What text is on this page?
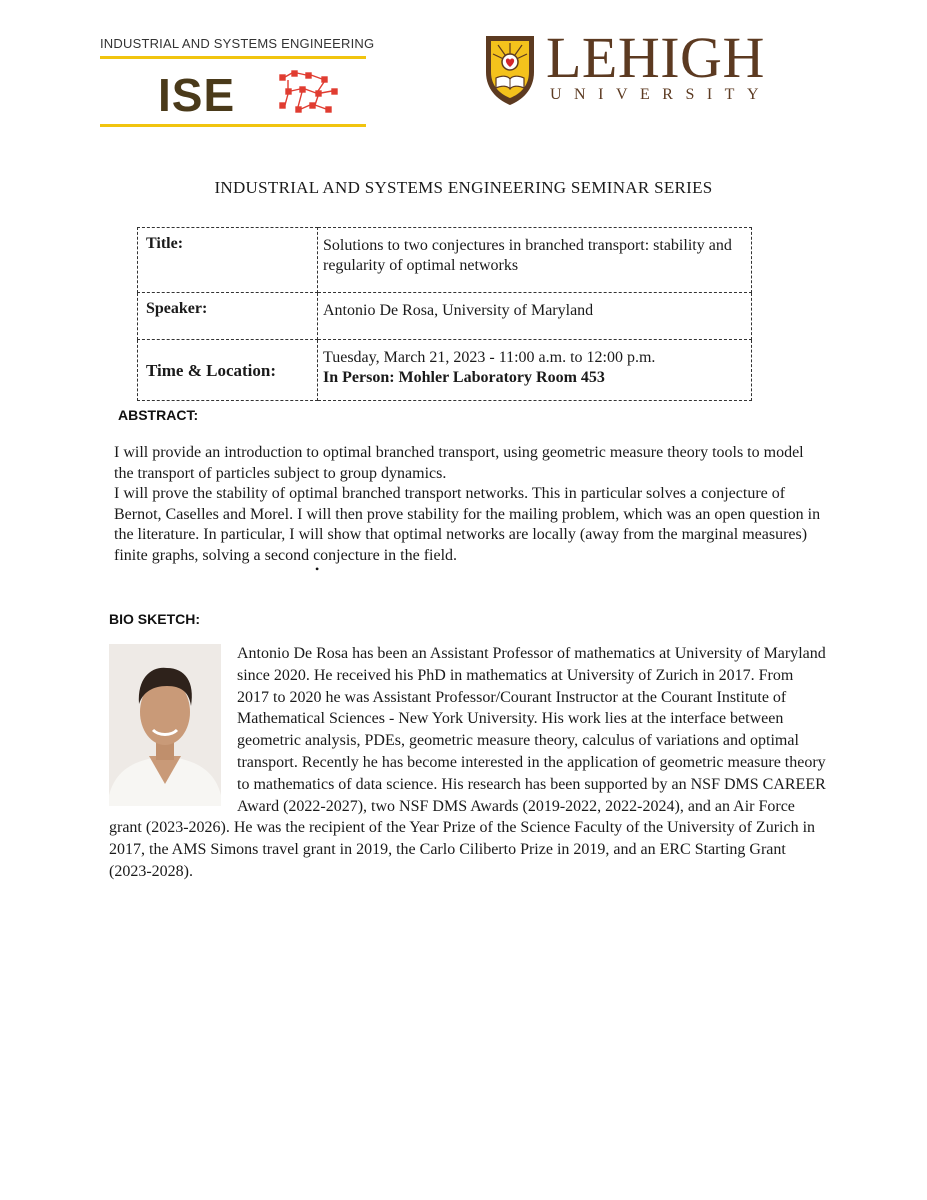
INDUSTRIAL AND SYSTEMS ENGINEERING
ISE
LEHIGH
UNIVERSITY
INDUSTRIAL AND SYSTEMS ENGINEERING SEMINAR SERIES
Title:	Solutions to two conjectures in branched transport: stability and regularity of optimal networks
Speaker:	Antonio De Rosa, University of Maryland
Time & Location:	Tuesday, March 21, 2023 - 11:00 a.m. to 12:00 p.m.
In Person: Mohler Laboratory Room 453
ABSTRACT:

I will provide an introduction to optimal branched transport, using geometric measure theory tools to model the transport of particles subject to group dynamics.

I will prove the stability of optimal branched transport networks. This in particular solves a conjecture of Bernot, Caselles and Morel. I will then prove stability for the mailing problem, which was an open question in the literature. In particular, I will show that optimal networks are locally (away from the marginal measures) finite graphs, solving a second conjecture in the field.

•
BIO SKETCH:
Antonio De Rosa has been an Assistant Professor of mathematics at University of Maryland since 2020. He received his PhD in mathematics at University of Zurich in 2017. From 2017 to 2020 he was Assistant Professor/Courant Instructor at the Courant Institute of Mathematical Sciences - New York University. His work lies at the interface between geometric analysis, PDEs, geometric measure theory, calculus of variations and optimal transport. Recently he has become interested in the application of geometric measure theory to mathematics of data science. His research has been supported by an NSF DMS CAREER Award (2022-2027), two NSF DMS Awards (2019-2022, 2022-2024), and an Air Force grant (2023-2026). He was the recipient of the Year Prize of the Science Faculty of the University of Zurich in 2017, the AMS Simons travel grant in 2019, the Carlo Ciliberto Prize in 2019, and an ERC Starting Grant (2023-2028).
